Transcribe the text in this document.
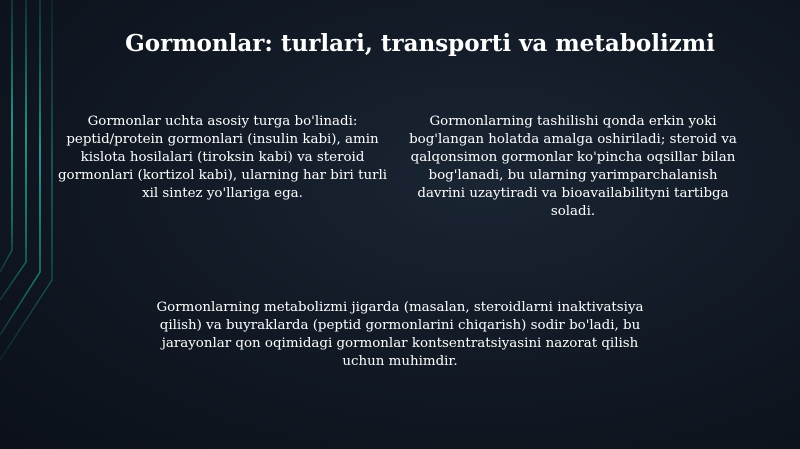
Gormonlar: turlari, transporti va metabolizmi

Gormonlar uchta asosiy turga bo'linadi: peptid/protein gormonlari (insulin kabi), amin kislota hosilalari (tiroksin kabi) va steroid gormonlari (kortizol kabi), ularning har biri turli xil sintez yo'llariga ega.

Gormonlarning tashilishi qonda erkin yoki bog'langan holatda amalga oshiriladi; steroid va qalqonsimon gormonlar ko'pincha oqsillar bilan bog'lanadi, bu ularning yarimparchalanish davrini uzaytiradi va bioavailabilityni tartibga soladi.

Gormonlarning metabolizmi jigarda (masalan, steroidlarni inaktivatsiya qilish) va buyraklarda (peptid gormonlarini chiqarish) sodir bo'ladi, bu jarayonlar qon oqimidagi gormonlar kontsentratsiyasini nazorat qilish uchun muhimdir.
